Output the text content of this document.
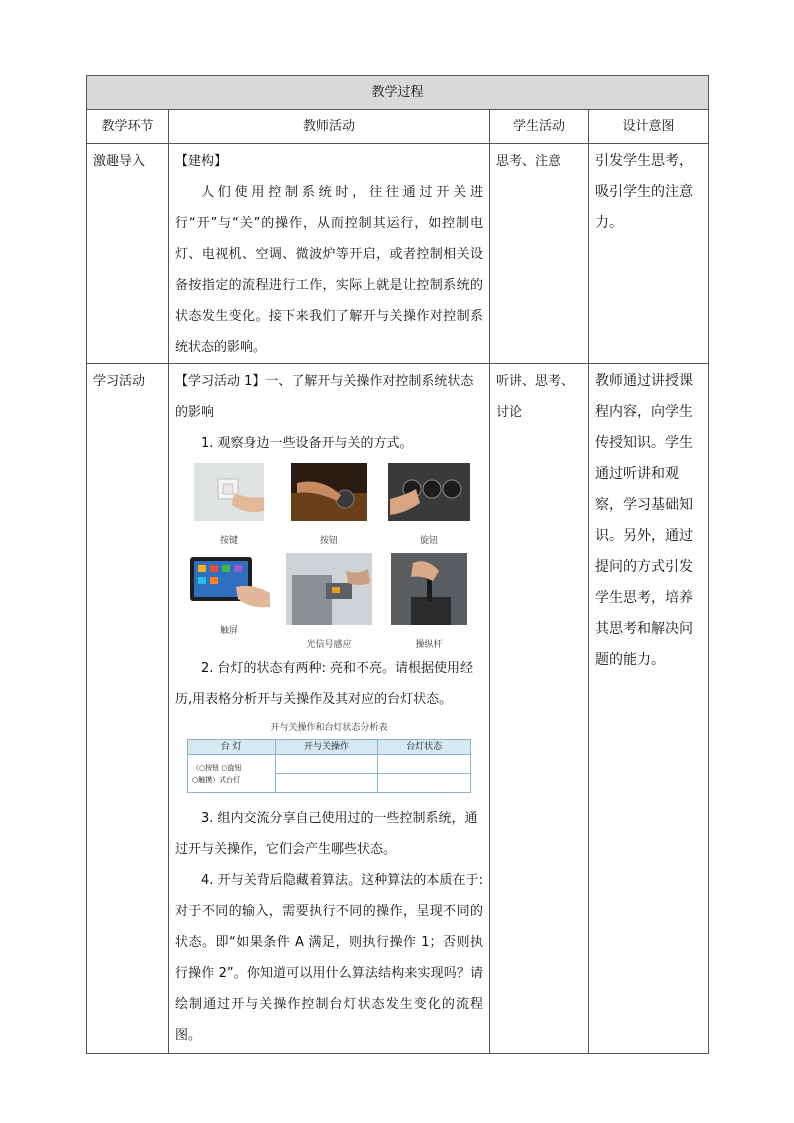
教学过程
教学环节	教师活动	学生活动	设计意图
激趣导入	【建构】

人们使用控制系统时，往往通过开关进行“开”与“关”的操作，从而控制其运行，如控制电灯、电视机、空调、微波炉等开启，或者控制相关设备按指定的流程进行工作，实际上就是让控制系统的状态发生变化。接下来我们了解开与关操作对控制系统状态的影响。

	思考、注意	引发学生思考，吸引学生的注意力。
学习活动	【学习活动 1】一、了解开与关操作对控制系统状态的影响

1. 观察身边一些设备开与关的方式。

按键	按钮	旋钮
触屏
光信号感应	操纵杆

2. 台灯的状态有两种: 亮和不亮。请根据使用经历,用表格分析开与关操作及其对应的台灯状态。

开与关操作和台灯状态分析表
台 灯	开与关操作	台灯状态

（○按钮 ○旋钮
○触摸）式台灯

3. 组内交流分享自己使用过的一些控制系统，通过开与关操作，它们会产生哪些状态。

4. 开与关背后隐藏着算法。这种算法的本质在于: 对于不同的输入，需要执行不同的操作，呈现不同的状态。即“如果条件 A 满足，则执行操作 1；否则执行操作 2”。你知道可以用什么算法结构来实现吗？请绘制通过开与关操作控制台灯状态发生变化的流程图。

	听讲、思考、讨论	教师通过讲授课程内容，向学生传授知识。学生通过听讲和观察，学习基础知识。另外，通过提问的方式引发学生思考，培养其思考和解决问题的能力。
